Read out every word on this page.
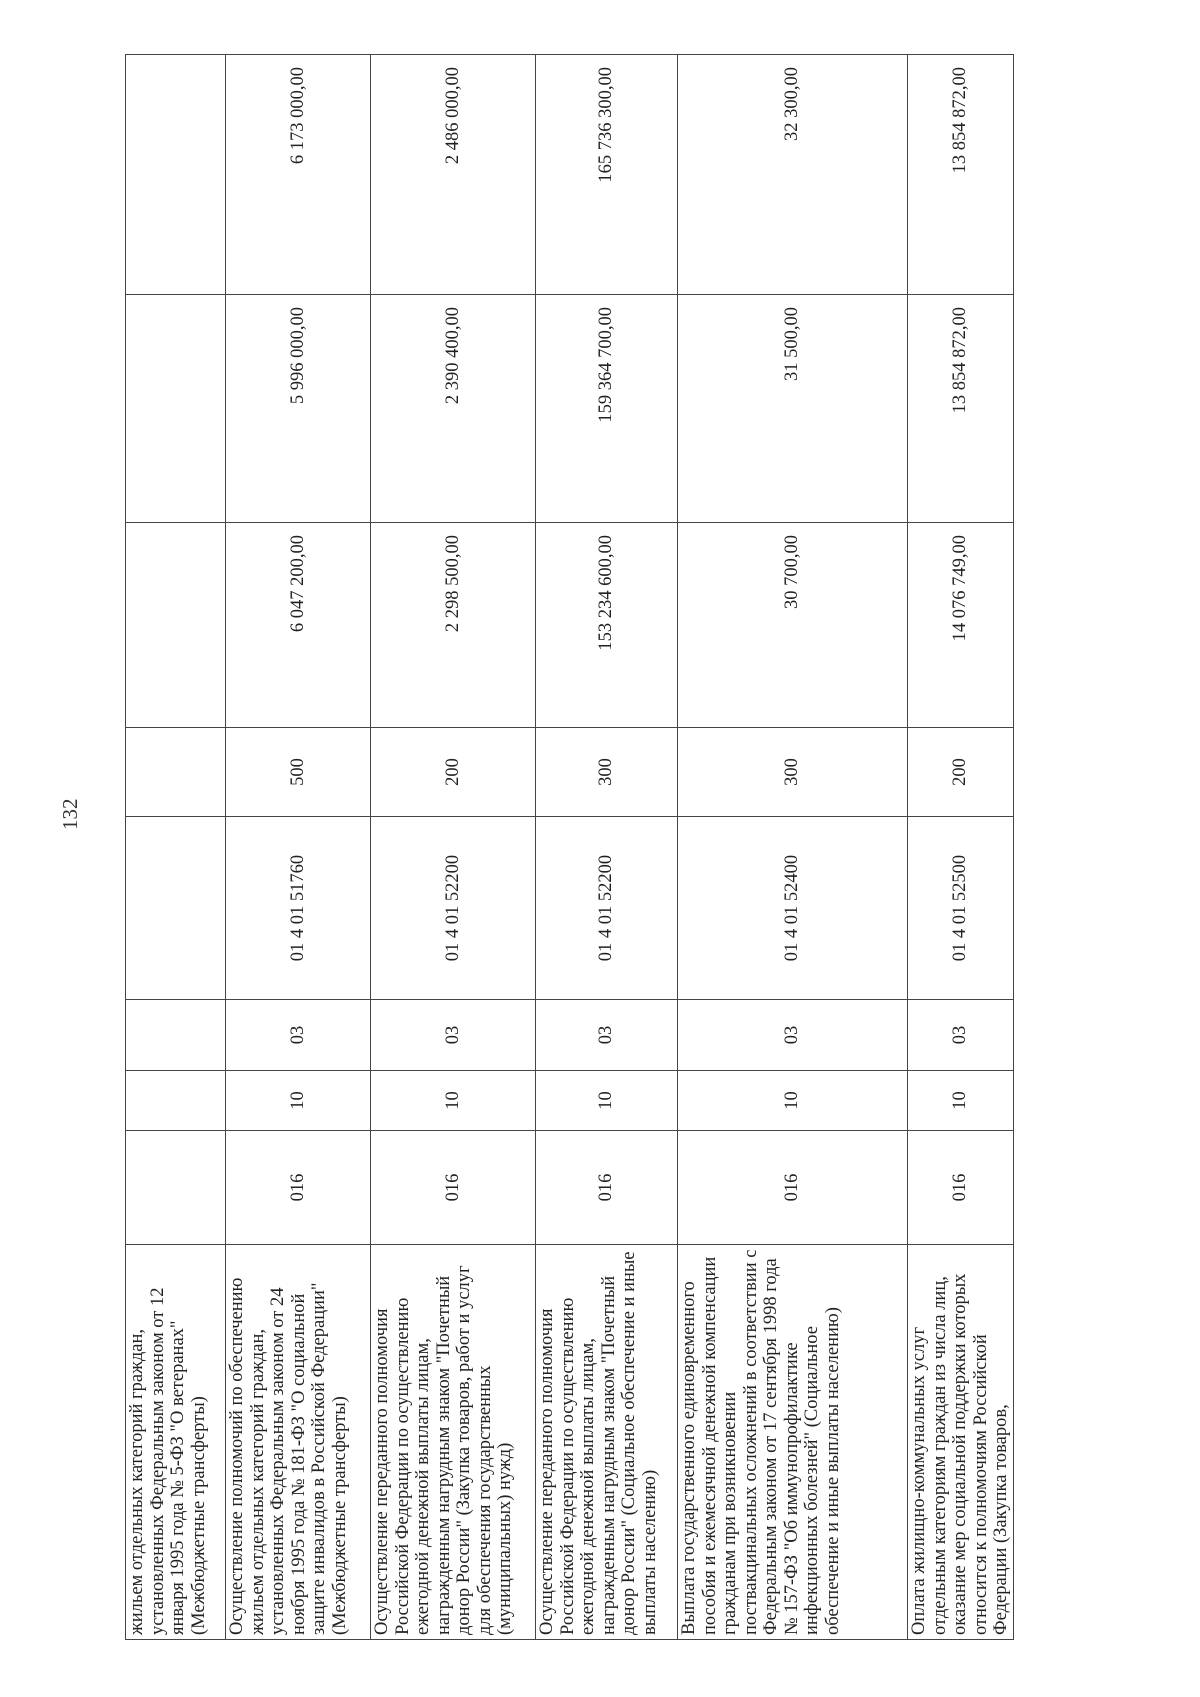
132
жильем отдельных категорий граждан, установленных Федеральным законом от 12 января 1995 года № 5-ФЗ "О ветеранах" (Межбюджетные трансферты)								
Осуществление полномочий по обеспечению жильем отдельных категорий граждан, установленных Федеральным законом от 24 ноября 1995 года № 181-ФЗ "О социальной защите инвалидов в Российской Федерации" (Межбюджетные трансферты)	016	10	03	01 4 01 51760	500	6 047 200,00	5 996 000,00	6 173 000,00
Осуществление переданного полномочия Российской Федерации по осуществлению ежегодной денежной выплаты лицам, награжденным нагрудным знаком "Почетный донор России" (Закупка товаров, работ и услуг для обеспечения государственных (муниципальных) нужд)	016	10	03	01 4 01 52200	200	2 298 500,00	2 390 400,00	2 486 000,00
Осуществление переданного полномочия Российской Федерации по осуществлению ежегодной денежной выплаты лицам, награжденным нагрудным знаком "Почетный донор России" (Социальное обеспечение и иные выплаты населению)	016	10	03	01 4 01 52200	300	153 234 600,00	159 364 700,00	165 736 300,00
Выплата государственного единовременного пособия и ежемесячной денежной компенсации гражданам при возникновении поствакцинальных осложнений в соответствии с Федеральным законом от 17 сентября 1998 года № 157-ФЗ "Об иммунопрофилактике инфекционных болезней" (Социальное обеспечение и иные выплаты населению)	016	10	03	01 4 01 52400	300	30 700,00	31 500,00	32 300,00
Оплата жилищно-коммунальных услуг отдельным категориям граждан из числа лиц, оказание мер социальной поддержки которых относится к полномочиям Российской Федерации (Закупка товаров,	016	10	03	01 4 01 52500	200	14 076 749,00	13 854 872,00	13 854 872,00
